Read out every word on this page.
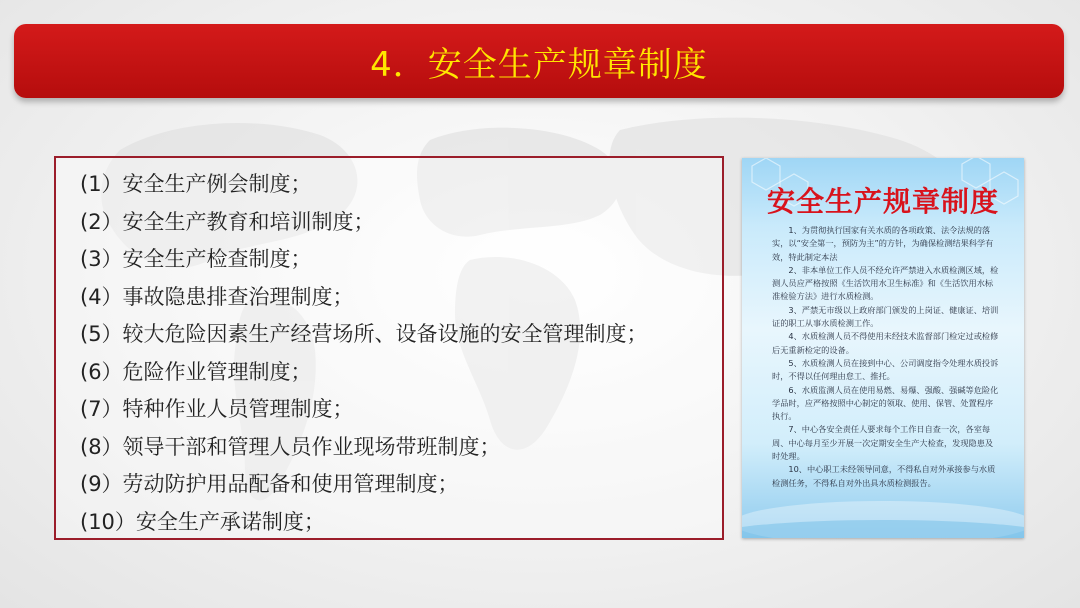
4．安全生产规章制度
(1）安全生产例会制度；
(2）安全生产教育和培训制度；
(3）安全生产检查制度；
(4）事故隐患排查治理制度；
(5）较大危险因素生产经营场所、设备设施的安全管理制度；
(6）危险作业管理制度；
(7）特种作业人员管理制度；
(8）领导干部和管理人员作业现场带班制度；
(9）劳动防护用品配备和使用管理制度；
(10）安全生产承诺制度；
安全生产规章制度

1、为贯彻执行国家有关水质的各项政策、法令法规的落实，以“安全第一，预防为主”的方针，为确保检测结果科学有效，特此制定本法

2、非本单位工作人员不经允许严禁进入水质检测区域，检测人员应严格按照《生活饮用水卫生标准》和《生活饮用水标准检验方法》进行水质检测。

3、严禁无市级以上政府部门颁发的上岗证、健康证、培训证的职工从事水质检测工作。

4、水质检测人员不得使用未经技术监督部门检定过或检修后无重新检定的设备。

5、水质检测人员在接到中心、公司调度指令处理水质投诉时，不得以任何理由怠工、推托。

6、水质监测人员在使用易燃、易爆、强酸、强碱等危险化学品时，应严格按照中心制定的领取、使用、保管、处置程序执行。

7、中心各安全责任人要求每个工作日自查一次，各室每周、中心每月至少开展一次定期安全生产大检查，发现隐患及时处理。

10、中心职工未经领导同意，不得私自对外承接参与水质检测任务，不得私自对外出具水质检测报告。
